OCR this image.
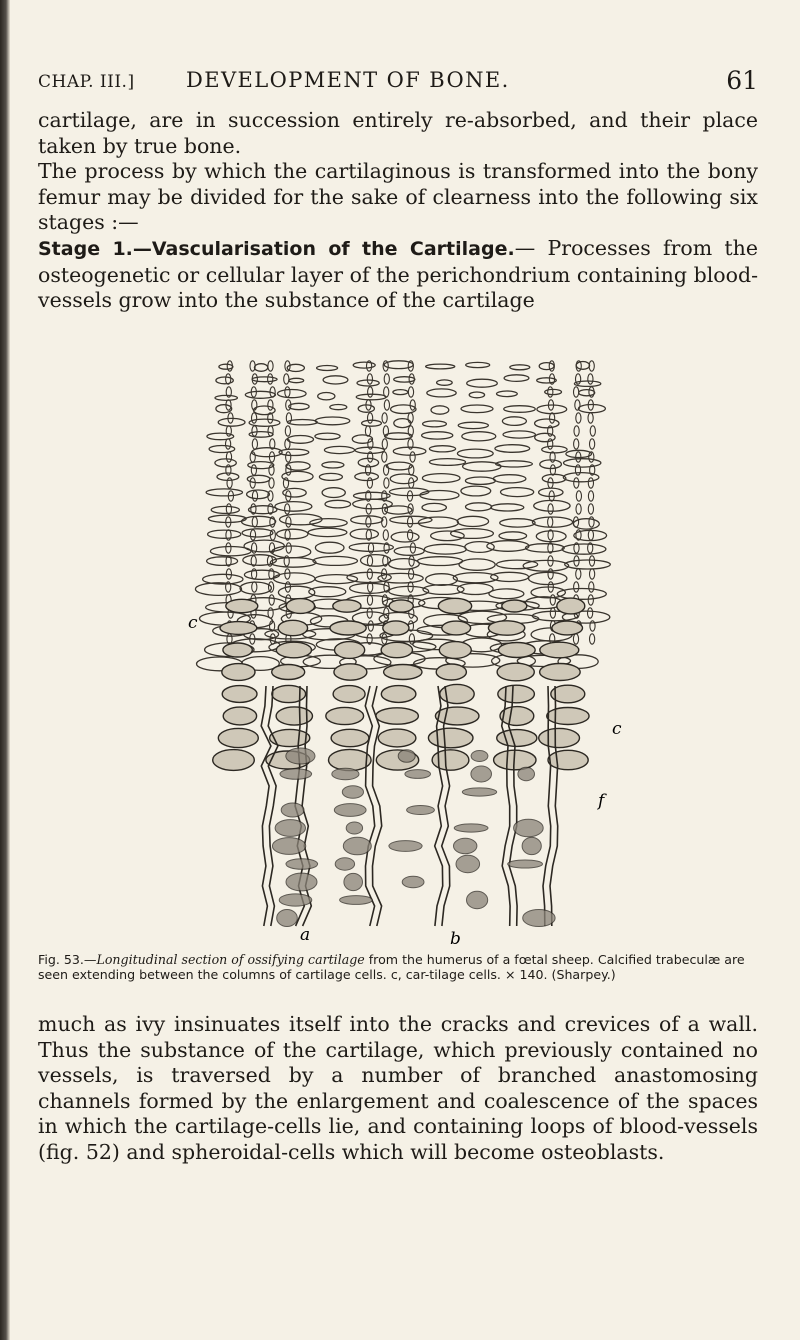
CHAP. III.] DEVELOPMENT OF BONE.	61

cartilage, are in succession entirely re-absorbed, and their place taken by true bone.

The process by which the cartilaginous is transformed into the bony femur may be divided for the sake of clearness into the following six stages :—

Stage 1.—Vascularisation of the Cartilage.— Processes from the osteogenetic or cellular layer of the perichondrium containing blood-vessels grow into the substance of the cartilage

c
c
a	b
f
Fig. 53.—Longitudinal section of ossifying cartilage from the humerus of a fœtal sheep. Calcified trabeculæ are seen extending between the columns of cartilage cells. c, car-tilage cells. × 140. (Sharpey.)

much as ivy insinuates itself into the cracks and crevices of a wall. Thus the substance of the cartilage, which previously contained no vessels, is traversed by a number of branched anastomosing channels formed by the enlargement and coalescence of the spaces in which the cartilage-cells lie, and containing loops of blood-vessels (fig. 52) and spheroidal-cells which will become osteoblasts.
